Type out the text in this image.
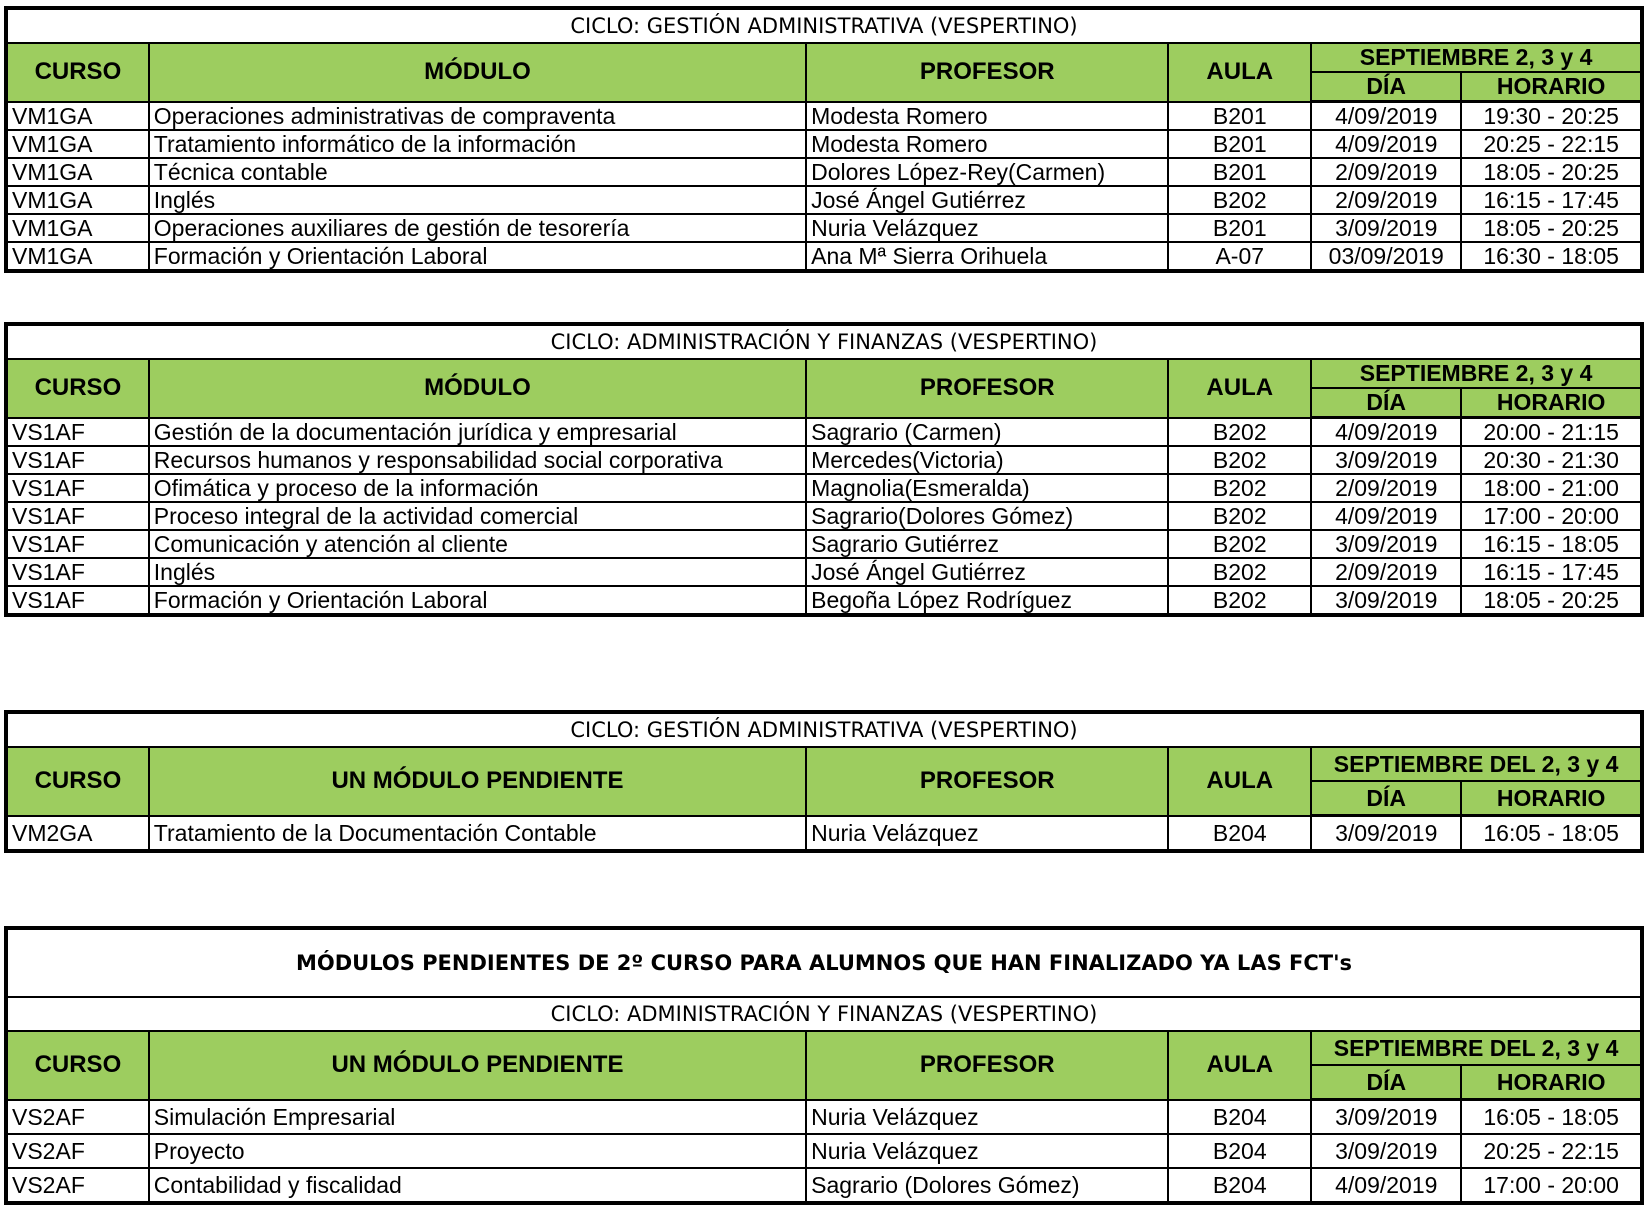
CICLO: GESTIÓN ADMINISTRATIVA (VESPERTINO)					
CURSO	MÓDULO	PROFESOR	AULA	SEPTIEMBRE 2, 3 y 4	
				DÍA	HORARIO
VM1GA	Operaciones administrativas de compraventa	Modesta Romero	B201	4/09/2019	19:30 - 20:25
VM1GA	Tratamiento informático de la información	Modesta Romero	B201	4/09/2019	20:25 - 22:15
VM1GA	Técnica contable	Dolores López-Rey(Carmen)	B201	2/09/2019	18:05 - 20:25
VM1GA	Inglés	José Ángel Gutiérrez	B202	2/09/2019	16:15 - 17:45
VM1GA	Operaciones auxiliares de gestión de tesorería	Nuria Velázquez	B201	3/09/2019	18:05 - 20:25
VM1GA	Formación y Orientación Laboral	Ana Mª Sierra Orihuela	A-07	03/09/2019	16:30 - 18:05
CICLO: ADMINISTRACIÓN Y FINANZAS (VESPERTINO)					
CURSO	MÓDULO	PROFESOR	AULA	SEPTIEMBRE 2, 3 y 4	
				DÍA	HORARIO
VS1AF	Gestión de la documentación jurídica y empresarial	Sagrario (Carmen)	B202	4/09/2019	20:00 - 21:15
VS1AF	Recursos humanos y responsabilidad social corporativa	Mercedes(Victoria)	B202	3/09/2019	20:30 - 21:30
VS1AF	Ofimática y proceso de la información	Magnolia(Esmeralda)	B202	2/09/2019	18:00 - 21:00
VS1AF	Proceso integral de la actividad comercial	Sagrario(Dolores Gómez)	B202	4/09/2019	17:00 - 20:00
VS1AF	Comunicación y atención al cliente	Sagrario Gutiérrez	B202	3/09/2019	16:15 - 18:05
VS1AF	Inglés	José Ángel Gutiérrez	B202	2/09/2019	16:15 - 17:45
VS1AF	Formación y Orientación Laboral	Begoña López Rodríguez	B202	3/09/2019	18:05 - 20:25
CICLO: GESTIÓN ADMINISTRATIVA (VESPERTINO)					
CURSO	UN MÓDULO PENDIENTE	PROFESOR	AULA	SEPTIEMBRE DEL 2, 3 y 4	
				DÍA	HORARIO
VM2GA	Tratamiento de la Documentación Contable	Nuria Velázquez	B204	3/09/2019	16:05 - 18:05
MÓDULOS PENDIENTES DE 2º CURSO PARA ALUMNOS QUE HAN FINALIZADO YA LAS FCT's					
CICLO: ADMINISTRACIÓN Y FINANZAS (VESPERTINO)					
CURSO	UN MÓDULO PENDIENTE	PROFESOR	AULA	SEPTIEMBRE DEL 2, 3 y 4	
				DÍA	HORARIO
VS2AF	Simulación Empresarial	Nuria Velázquez	B204	3/09/2019	16:05 - 18:05
VS2AF	Proyecto	Nuria Velázquez	B204	3/09/2019	20:25 - 22:15
VS2AF	Contabilidad y fiscalidad	Sagrario (Dolores Gómez)	B204	4/09/2019	17:00 - 20:00
